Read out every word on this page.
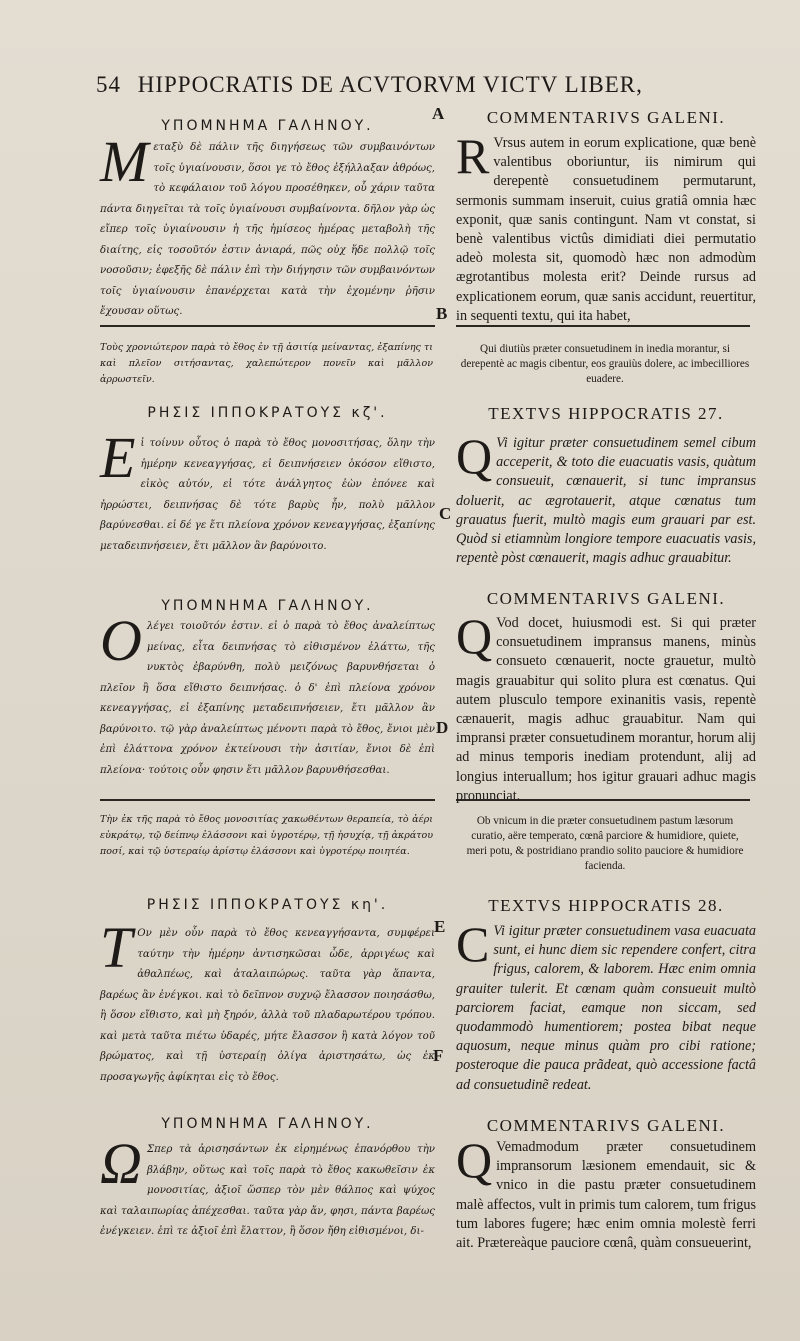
54 HIPPOCRATIS DE ACVTORVM VICTV LIBER,
A
B
C
D
E
F
ΥΠΟΜΝΗΜΑ ΓΑΛΗΝΟΥ.	COMMENTARIVS GALENI.
Μεταξὺ δὲ πάλιν τῆς διηγήσεως τῶν συμβαινόντων τοῖς ὑγιαίνουσιν, ὅσοι γε τὸ ἔθος ἐξήλλαξαν ἀθρόως, τὸ κεφάλαιον τοῦ λόγου προσέθηκεν, οὗ χάριν ταῦτα πάντα διηγεῖται τὰ τοῖς ὑγιαίνουσι συμβαίνοντα. δῆλον γὰρ ὡς εἴπερ τοῖς ὑγιαίνουσιν ἡ τῆς ἡμίσεος ἡμέρας μεταβολὴ τῆς διαίτης, εἰς τοσοῦτόν ἐστιν ἀνιαρά, πῶς οὐχ ἥδε πολλῷ τοῖς νοσοῦσιν; ἐφεξῆς δὲ πάλιν ἐπὶ τὴν διήγησιν τῶν συμβαινόντων τοῖς ὑγιαίνουσιν ἐπανέρχεται κατὰ τὴν ἐχομένην ῥῆσιν ἔχουσαν οὕτως.
R Vrsus autem in eorum explicatione, quæ benè valentibus oboriuntur, iis nimirum qui derepentè consuetudinem permutarunt, sermonis summam inseruit, cuius gratiâ omnia hæc exponit, quæ sanis contingunt. Nam vt constat, si benè valentibus victûs dimidiati diei permutatio adeò molesta sit, quomodò hæc non admodùm ægrotantibus molesta erit? Deinde rursus ad explicationem eorum, quæ sanis accidunt, reuertitur, in sequenti textu, qui ita habet,
Τοὺς χρονιώτερον παρὰ τὸ ἔθος ἐν τῇ ἀσιτίᾳ μείναντας, ἐξαπίνης τι καὶ πλεῖον σιτήσαντας, χαλεπώτερον πονεῖν καὶ μᾶλλον ἀρρωστεῖν.
Qui diutiùs præter consuetudinem in inedia morantur, si derepentè ac magis cibentur, eos grauiùs dolere, ac imbecilliores euadere.
ΡΗΣΙΣ ΙΠΠΟΚΡΑΤΟΥΣ κζ'.	TEXTVS HIPPOCRATIS 27.
Εἰ τοίνυν οὗτος ὁ παρὰ τὸ ἔθος μονοσιτήσας, ὅλην τὴν ἡμέρην κενεαγγήσας, εἰ δειπνήσειεν ὁκόσον εἴθιστο, εἰκὸς αὐτόν, εἰ τότε ἀνάλγητος ἐὼν ἐπόνεε καὶ ἠρρώστει, δειπνήσας δὲ τότε βαρὺς ἦν, πολὺ μᾶλλον βαρύνεσθαι. εἰ δέ γε ἔτι πλείονα χρόνον κενεαγγήσας, ἐξαπίνης μεταδειπνήσειεν, ἔτι μᾶλλον ἂν βαρύνοιτο.
Q Vi igitur præter consuetudinem semel cibum acceperit, & toto die euacuatis vasis, quàtum consueuit, cœnauerit, si tunc impransus doluerit, ac ægrotauerit, atque cœnatus tum grauatus fuerit, multò magis eum grauari par est. Quòd si etiamnùm longiore tempore euacuatis vasis, repentè pòst cœnauerit, magis adhuc grauabitur.
ΥΠΟΜΝΗΜΑ ΓΑΛΗΝΟΥ.	COMMENTARIVS GALENI.
Ολέγει τοιοῦτόν ἐστιν. εἰ ὁ παρὰ τὸ ἔθος ἀναλείπτως μείνας, εἶτα δειπνήσας τὸ εἰθισμένον ἐλάττω, τῆς νυκτὸς ἐβαρύνθη, πολὺ μειζόνως βαρυνθήσεται ὁ πλεῖον ἢ ὅσα εἴθιστο δειπνήσας. ὁ δ' ἐπὶ πλείονα χρόνον κενεαγγήσας, εἰ ἐξαπίνης μεταδειπνήσειεν, ἔτι μᾶλλον ἂν βαρύνοιτο. τῷ γὰρ ἀναλείπτως μένοντι παρὰ τὸ ἔθος, ἔνιοι μὲν ἐπὶ ἐλάττονα χρόνον ἐκτείνουσι τὴν ἀσιτίαν, ἔνιοι δὲ ἐπὶ πλείονα· τούτοις οὖν φησιν ἔτι μᾶλλον βαρυνθήσεσθαι.
Q Vod docet, huiusmodi est. Si qui præter consuetudinem impransus manens, minùs consueto cœnauerit, nocte grauetur, multò magis grauabitur qui solito plura est cœnatus. Qui autem plusculo tempore exinanitis vasis, repentè cænauerit, magis adhuc grauabitur. Nam qui impransi præter consuetudinem morantur, horum alij ad minus temporis inediam protendunt, alij ad longius interuallum; hos igitur grauari adhuc magis pronunciat.
Τὴν ἐκ τῆς παρὰ τὸ ἔθος μονοσιτίας χακωθέντων θεραπεία, τὸ ἀέρι εὐκράτῳ, τῷ δείπνῳ ἐλάσσονι καὶ ὑγροτέρῳ, τῇ ἡσυχίᾳ, τῇ ἀκράτου ποσί, καὶ τῷ ὑστεραίῳ ἀρίστῳ ἐλάσσονι καὶ ὑγροτέρῳ ποιητέα.
Ob vnicum in die præter consuetudinem pastum læsorum curatio, aëre temperato, cœnâ parciore & humidiore, quiete, meri potu, & postridiano prandio solito pauciore & humidiore facienda.
ΡΗΣΙΣ ΙΠΠΟΚΡΑΤΟΥΣ κη'.	TEXTVS HIPPOCRATIS 28.
Τ Ον μὲν οὖν παρὰ τὸ ἔθος κενεαγγήσαντα, συμφέρει ταύτην τὴν ἡμέρην ἀντισηκῶσαι ὧδε, ἀρριγέως καὶ ἀθαλπέως, καὶ ἀταλαιπώρως. ταῦτα γὰρ ἅπαντα, βαρέως ἂν ἐνέγκοι. καὶ τὸ δεῖπνον συχνῷ ἔλασσον ποιησάσθω, ἢ ὅσον εἴθιστο, καὶ μὴ ξηρόν, ἀλλὰ τοῦ πλαδαρωτέρου τρόπου. καὶ μετὰ ταῦτα πιέτω ὑδαρές, μήτε ἔλασσον ἢ κατὰ λόγον τοῦ βρώματος, καὶ τῇ ὑστεραίῃ ὀλίγα ἀριστησάτω, ὡς ἐκ προσαγωγῆς ἀφίκηται εἰς τὸ ἔθος.
C Vi igitur præter consuetudinem vasa euacuata sunt, ei hunc diem sic rependere confert, citra frigus, calorem, & laborem. Hæc enim omnia grauiter tulerit. Et cœnam quàm consueuit multò parciorem faciat, eamque non siccam, sed quodammodò humentiorem; postea bibat neque aquosum, neque minus quàm pro cibi ratione; posteroque die pauca prãdeat, quò accessione factâ ad consuetudinẽ redeat.
ΥΠΟΜΝΗΜΑ ΓΑΛΗΝΟΥ.	COMMENTARIVS GALENI.
Ω Σπερ τὰ ἀρισησάντων ἐκ εἰρημένως ἐπανόρθου τὴν βλάβην, οὕτως καὶ τοῖς παρὰ τὸ ἔθος κακωθεῖσιν ἐκ μονοσιτίας, ἀξιοῖ ὥσπερ τὸν μὲν θάλπος καὶ ψύχος καὶ ταλαιπωρίας ἀπέχεσθαι. ταῦτα γὰρ ἄν, φησι, πάντα βαρέως ἐνέγκειεν. ἐπὶ τε ἀξιοῖ ἐπὶ ἔλαττον, ἢ ὅσον ἤθη εἰθισμένοι, δι-
Q Vemadmodum præter consuetudinem impransorum læsionem emendauit, sic & vnico in die pastu præter consuetudinem malè affectos, vult in primis tum calorem, tum frigus tum labores fugere; hæc enim omnia molestè ferri ait. Prætereàque pauciore cœnâ, quàm consueuerint,
